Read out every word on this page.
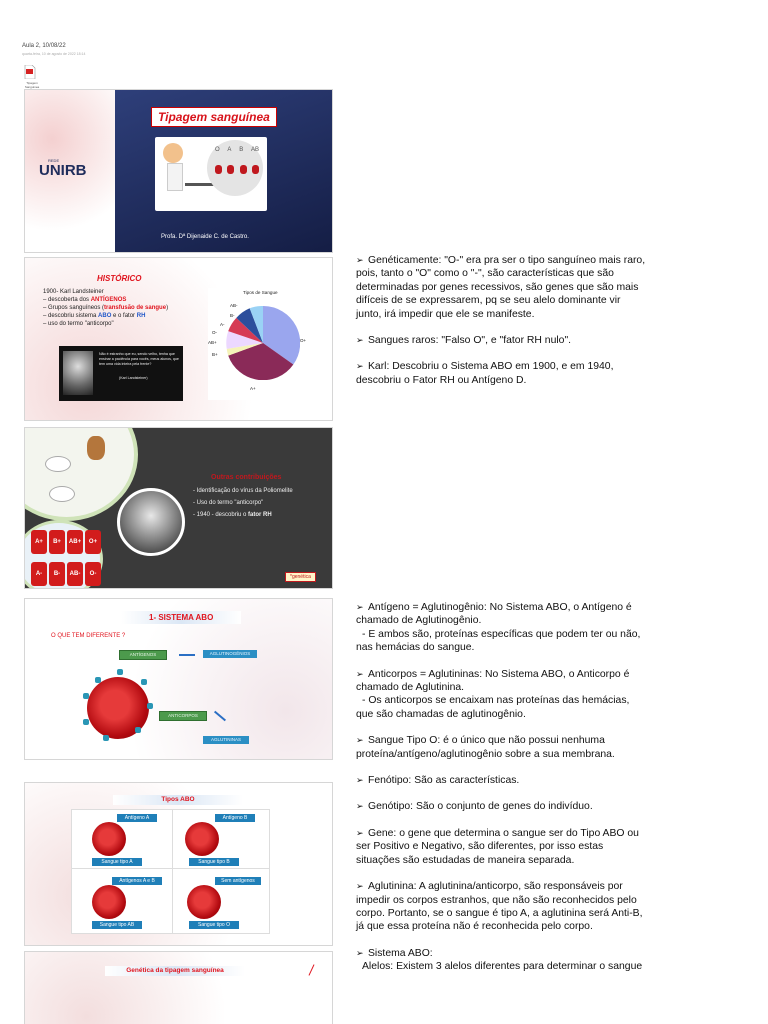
Aula 2, 10/08/22
quarta-feira, 10 de agosto de 2022 18:14
Tipagem
Sanguinea
UNIRB
REDE
Tipagem sanguínea
O A B AB
Profa. Dª Dijenaide C. de Castro.
HISTÓRICO
1900- Karl Landsteiner
– descoberta dos ANTÍGENOS
– Grupos sanguíneos (transfusão de sangue)
– descobriu sistema ABO e o fator RH
– uso do termo "anticorpo"
Não é estranho que eu, sendo velho, tenha que ensinar a paciência para vocês, meus alunos, que tem uma vida inteira pela frente?
(Karl Landsteiner)
Tipos de Sangue
AB-
B-
A-
O-
AB+
B+
O+
A+
A+	B+	AB+	O+
A-	B-	AB-	O-
Outras contribuições
- Identificação do vírus da Poliomelite
- Uso do termo "anticorpo"
- 1940 - descobriu o fator RH
*genética
1- SISTEMA ABO
O QUE TEM DIFERENTE ?
ANTÍGENOS	AGLUTINOGÊNIOS
ANTICORPOS
AGLUTININAS
Tipos ABO
Antígeno A
Sangue tipo A
Antígeno B
Sangue tipo B
Antígenos A e B
Sangue tipo AB
Sem antígenos
Sangue tipo O
Genética da tipagem sanguínea

➢ Genéticamente: "O-" era pra ser o tipo sanguíneo mais raro, pois, tanto o "O" como o "-", são características que são determinadas por genes recessivos, são genes que são mais difíceis de se expressarem, pq se seu alelo dominante vir junto, irá impedir que ele se manifeste.

➢ Sangues raros: "Falso O", e "fator RH nulo".

➢ Karl: Descobriu o Sistema ABO em 1900, e em 1940, descobriu o Fator RH ou Antígeno D.

➢ Antígeno = Aglutinogênio: No Sistema ABO, o Antígeno é chamado de Aglutinogênio.
- E ambos são, proteínas específicas que podem ter ou não, nas hemácias do sangue.

➢ Anticorpos = Aglutininas: No Sistema ABO, o Anticorpo é chamado de Aglutinina.
- Os anticorpos se encaixam nas proteínas das hemácias, que são chamadas de aglutinogênio.

➢ Sangue Tipo O: é o único que não possui nenhuma proteína/antígeno/aglutinogênio sobre a sua membrana.

➢ Fenótipo: São as características.

➢ Genótipo: São o conjunto de genes do indivíduo.

➢ Gene: o gene que determina o sangue ser do Tipo ABO ou ser Positivo e Negativo, são diferentes, por isso estas situações são estudadas de maneira separada.

➢ Aglutinina: A aglutinina/anticorpo, são responsáveis por impedir os corpos estranhos, que não são reconhecidos pelo corpo. Portanto, se o sangue é tipo A, a aglutinina será Anti-B, já que essa proteína não é reconhecida pelo corpo.

➢ Sistema ABO:
Alelos: Existem 3 alelos diferentes para determinar o sangue
